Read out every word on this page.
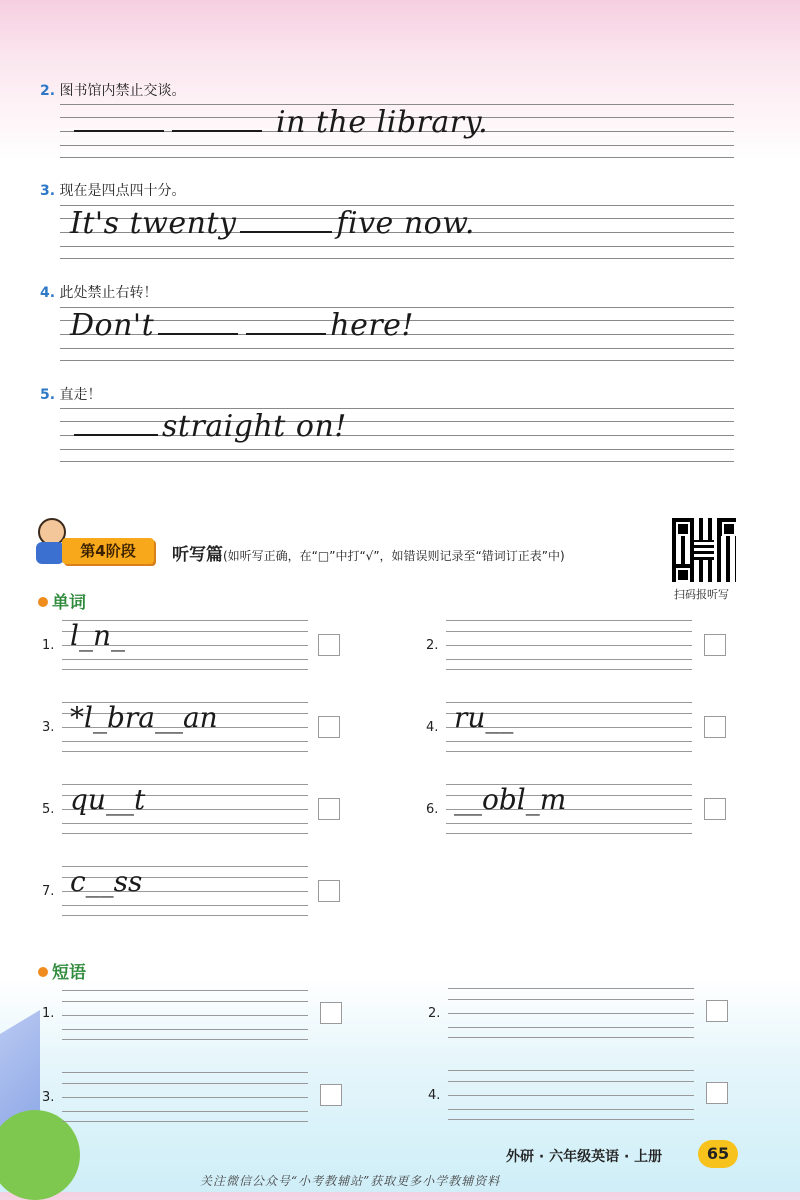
2. 图书馆内禁止交谈。
in the library.
3. 现在是四点四十分。
It's twenty	five now.
4. 此处禁止右转！
Don't	here!
5. 直走！
straight on!
第4阶段	听写篇(如听写正确，在“□”中打“√”，如错误则记录至“错词订正表”中)
扫码报听写
单词
1. l_n_	2.
3. *l_bra__an	4. ru__
5. qu__t	6. __obl_m
7. c__ss
短语
1.	2.
3.	4.
外研 · 六年级英语 · 上册	65
关注微信公众号“小考教辅站”获取更多小学教辅资料
